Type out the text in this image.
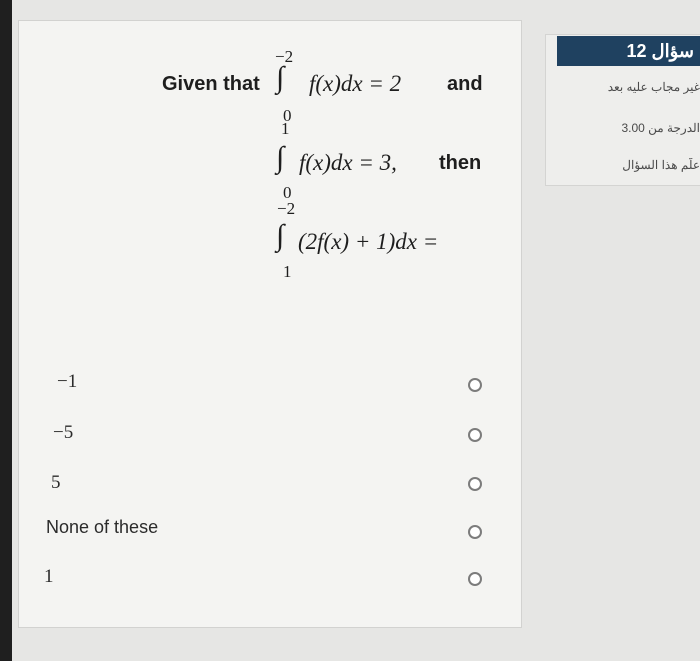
Given that
−2
∫
0
f(x)dx = 2 and
1
∫
0
f(x)dx = 3, then
−2
∫
1
(2f(x) + 1)dx =
−1
−5
5
None of these
1
سؤال 12
غير مجاب عليه بعد
الدرجة من 3.00
علّم هذا السؤال
